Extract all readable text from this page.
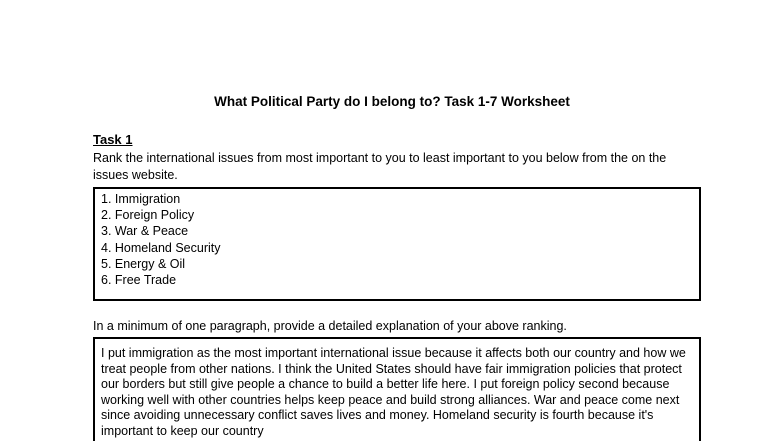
What Political Party do I belong to? Task 1-7 Worksheet
Task 1
Rank the international issues from most important to you to least important to you below from the on the issues website.
1. Immigration
2. Foreign Policy
3. War & Peace
4. Homeland Security
5. Energy & Oil
6. Free Trade
In a minimum of one paragraph, provide a detailed explanation of your above ranking.
I put immigration as the most important international issue because it affects both our country and how we treat people from other nations. I think the United States should have fair immigration policies that protect our borders but still give people a chance to build a better life here. I put foreign policy second because working well with other countries helps keep peace and build strong alliances. War and peace come next since avoiding unnecessary conflict saves lives and money. Homeland security is fourth because it's important to keep our country
